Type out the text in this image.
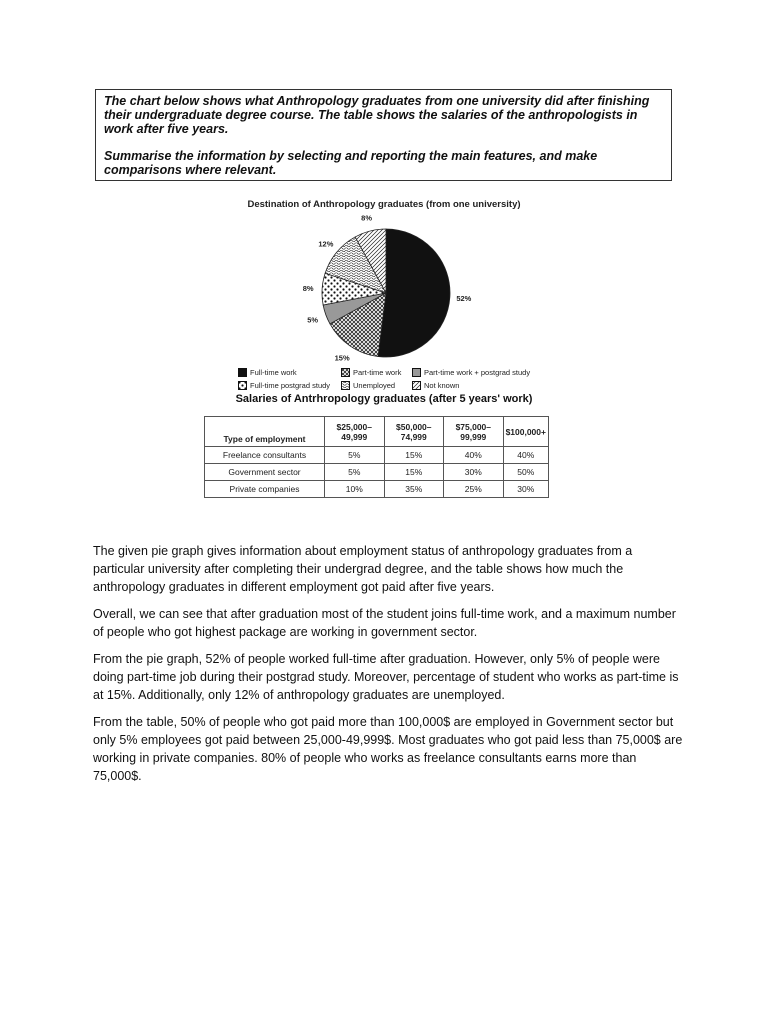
The chart below shows what Anthropology graduates from one university did after finishing their undergraduate degree course. The table shows the salaries of the anthropologists in work after five years.

Summarise the information by selecting and reporting the main features, and make comparisons where relevant.

Destination of Anthropology graduates (from one university)
52%
15%
5%
8%
12%
8%
Full-time work	Part-time work	Part-time work + postgrad study
Full-time postgrad study	Unemployed	Not known
Salaries of Antrhropology graduates (after 5 years' work)
Type of employment	$25,000– 49,999	$50,000– 74,999	$75,000– 99,999	$100,000+
Freelance consultants	5%	15%	40%	40%
Government sector	5%	15%	30%	50%
Private companies	10%	35%	25%	30%

The given pie graph gives information about employment status of anthropology graduates from a particular university after completing their undergrad degree, and the table shows how much the anthropology graduates in different employment got paid after five years.

Overall, we can see that after graduation most of the student joins full-time work, and a maximum number of people who got highest package are working in government sector.

From the pie graph, 52% of people worked full-time after graduation. However, only 5% of people were doing part-time job during their postgrad study. Moreover, percentage of student who works as part-time is at 15%. Additionally, only 12% of anthropology graduates are unemployed.

From the table, 50% of people who got paid more than 100,000$ are employed in Government sector but only 5% employees got paid between 25,000-49,999$. Most graduates who got paid less than 75,000$ are working in private companies. 80% of people who works as freelance consultants earns more than 75,000$.
